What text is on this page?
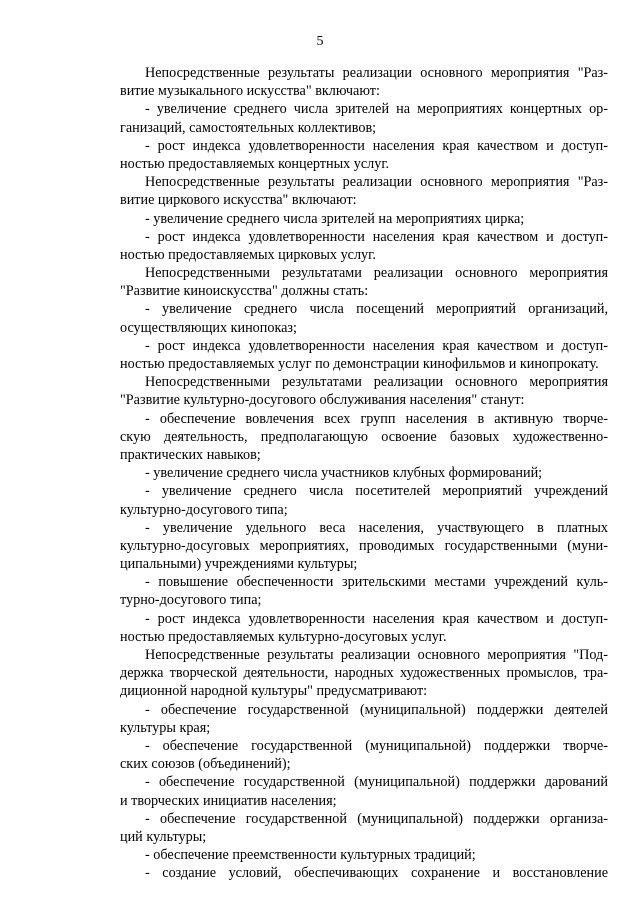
5
Непосредственные результаты реализации основного мероприятия "Раз-
витие музыкального искусства" включают:
- увеличение среднего числа зрителей на мероприятиях концертных ор-
ганизаций, самостоятельных коллективов;
- рост индекса удовлетворенности населения края качеством и доступ-
ностью предоставляемых концертных услуг.
Непосредственные результаты реализации основного мероприятия "Раз-
витие циркового искусства" включают:
- увеличение среднего числа зрителей на мероприятиях цирка;
- рост индекса удовлетворенности населения края качеством и доступ-
ностью предоставляемых цирковых услуг.
Непосредственными результатами реализации основного мероприятия
"Развитие киноискусства" должны стать:
- увеличение среднего числа посещений мероприятий организаций,
осуществляющих кинопоказ;
- рост индекса удовлетворенности населения края качеством и доступ-
ностью предоставляемых услуг по демонстрации кинофильмов и кинопрокату.
Непосредственными результатами реализации основного мероприятия
"Развитие культурно-досугового обслуживания населения" станут:
- обеспечение вовлечения всех групп населения в активную творче-
скую деятельность, предполагающую освоение базовых художественно-
практических навыков;
- увеличение среднего числа участников клубных формирований;
- увеличение среднего числа посетителей мероприятий учреждений
культурно-досугового типа;
- увеличение удельного веса населения, участвующего в платных
культурно-досуговых мероприятиях, проводимых государственными (муни-
ципальными) учреждениями культуры;
- повышение обеспеченности зрительскими местами учреждений куль-
турно-досугового типа;
- рост индекса удовлетворенности населения края качеством и доступ-
ностью предоставляемых культурно-досуговых услуг.
Непосредственные результаты реализации основного мероприятия "Под-
держка творческой деятельности, народных художественных промыслов, тра-
диционной народной культуры" предусматривают:
- обеспечение государственной (муниципальной) поддержки деятелей
культуры края;
- обеспечение государственной (муниципальной) поддержки творче-
ских союзов (объединений);
- обеспечение государственной (муниципальной) поддержки дарований
и творческих инициатив населения;
- обеспечение государственной (муниципальной) поддержки организа-
ций культуры;
- обеспечение преемственности культурных традиций;
- создание условий, обеспечивающих сохранение и восстановление
